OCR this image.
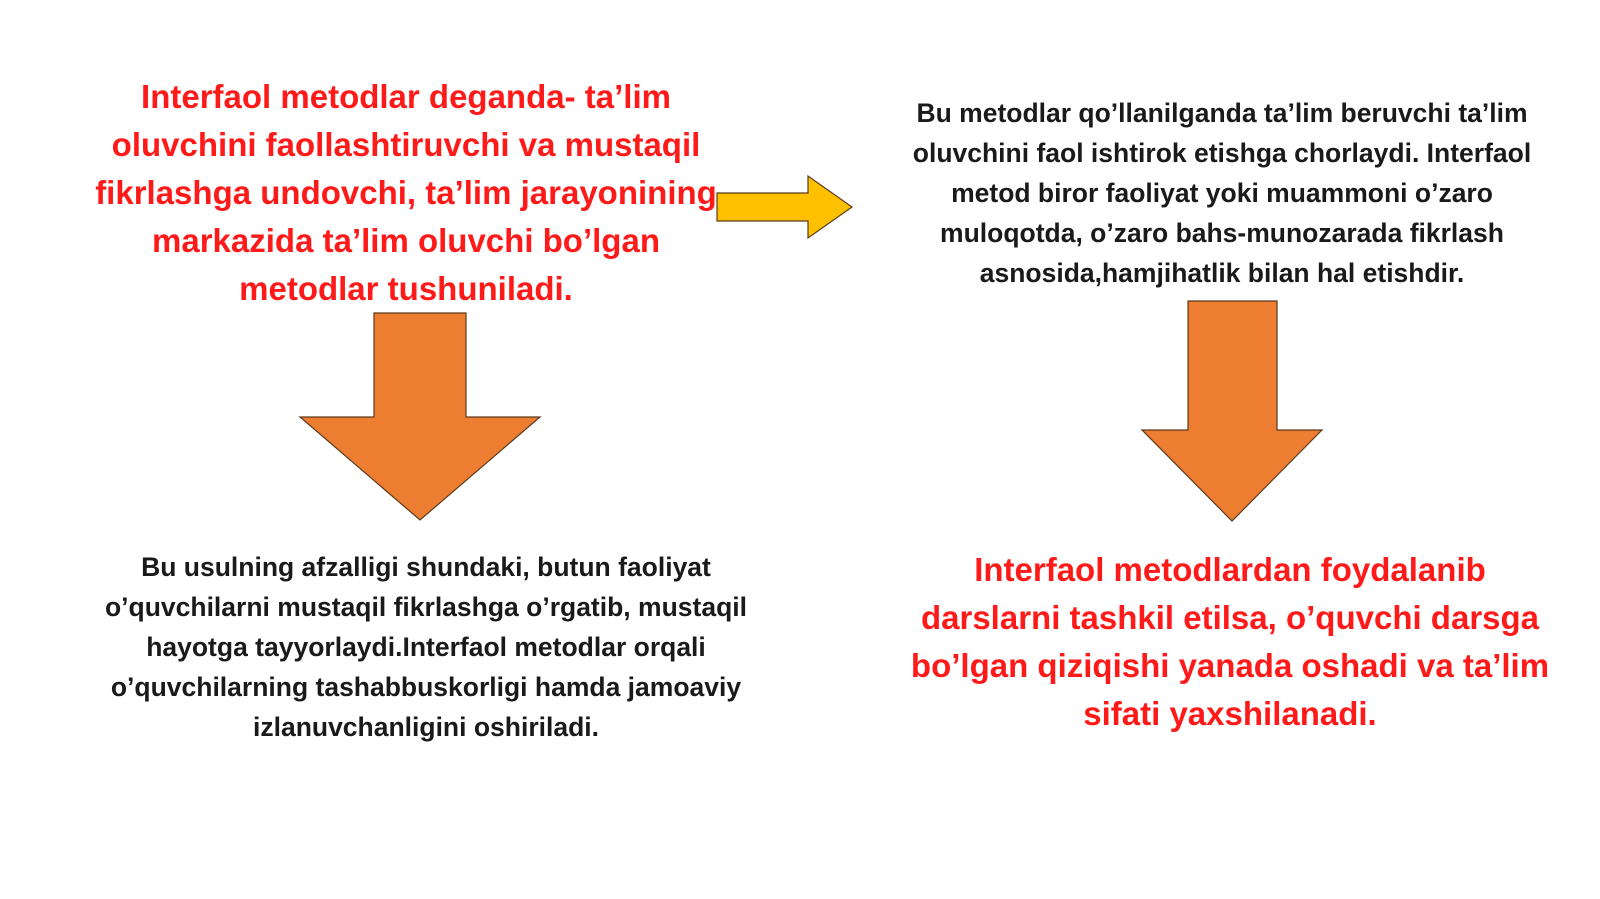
Interfaol metodlar deganda- ta’lim oluvchini faollashtiruvchi va mustaqil fikrlashga undovchi, ta’lim jarayonining markazida ta’lim oluvchi bo’lgan metodlar tushuniladi.

Bu metodlar qo’llanilganda ta’lim beruvchi ta’lim oluvchini faol ishtirok etishga chorlaydi. Interfaol metod biror faoliyat yoki muammoni o’zaro muloqotda, o’zaro bahs-munozarada fikrlash asnosida,hamjihatlik bilan hal etishdir.

Bu usulning afzalligi shundaki, butun faoliyat o’quvchilarni mustaqil fikrlashga o’rgatib, mustaqil hayotga tayyorlaydi.Interfaol metodlar orqali o’quvchilarning tashabbuskorligi hamda jamoaviy izlanuvchanligini oshiriladi.

Interfaol metodlardan foydalanib darslarni tashkil etilsa, o’quvchi darsga bo’lgan qiziqishi yanada oshadi va ta’lim sifati yaxshilanadi.
